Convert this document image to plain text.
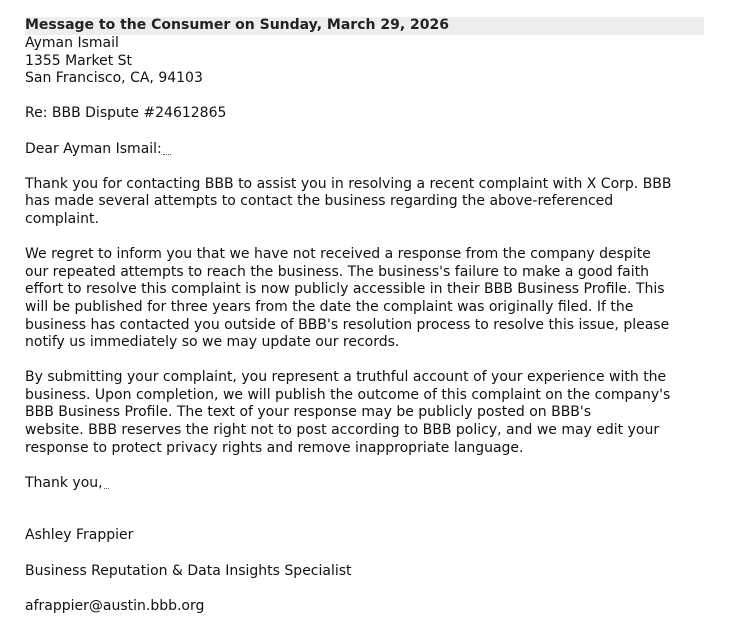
Message to the Consumer on Sunday, March 29, 2026
Ayman Ismail
1355 Market St
San Francisco, CA, 94103
Re: BBB Dispute #24612865
Dear Ayman Ismail:
Thank you for contacting BBB to assist you in resolving a recent complaint with X Corp. BBB
has made several attempts to contact the business regarding the above-referenced
complaint.
We regret to inform you that we have not received a response from the company despite
our repeated attempts to reach the business. The business's failure to make a good faith
effort to resolve this complaint is now publicly accessible in their BBB Business Profile. This
will be published for three years from the date the complaint was originally filed. If the
business has contacted you outside of BBB's resolution process to resolve this issue, please
notify us immediately so we may update our records.
By submitting your complaint, you represent a truthful account of your experience with the
business. Upon completion, we will publish the outcome of this complaint on the company's
BBB Business Profile. The text of your response may be publicly posted on BBB's
website. BBB reserves the right not to post according to BBB policy, and we may edit your
response to protect privacy rights and remove inappropriate language.
Thank you,
Ashley Frappier
Business Reputation & Data Insights Specialist
afrappier@austin.bbb.org
